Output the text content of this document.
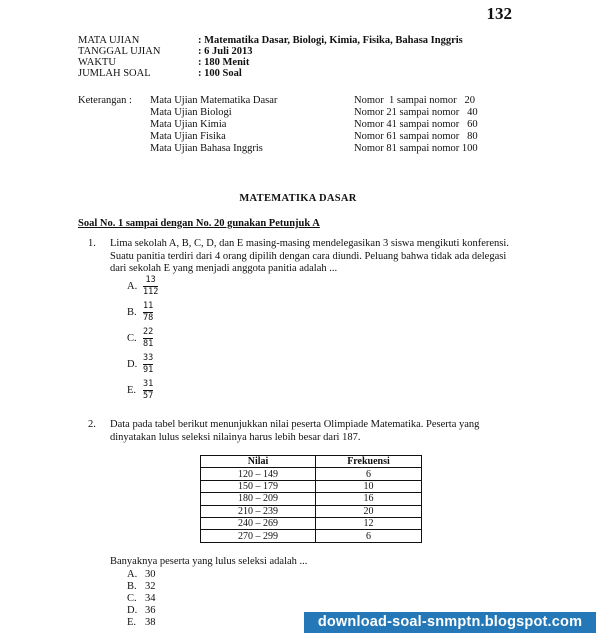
132
MATA UJIAN	: Matematika Dasar, Biologi, Kimia, Fisika, Bahasa Inggris
TANGGAL UJIAN	: 6 Juli 2013
WAKTU	: 180 Menit
JUMLAH SOAL	: 100 Soal
Keterangan : Mata Ujian Matematika Dasar	Nomor  1 sampai nomor   20
Mata Ujian Biologi	Nomor 21 sampai nomor   40
Mata Ujian Kimia	Nomor 41 sampai nomor   60
Mata Ujian Fisika	Nomor 61 sampai nomor   80
Mata Ujian Bahasa Inggris	Nomor 81 sampai nomor 100
MATEMATIKA DASAR
Soal No. 1 sampai dengan No. 20 gunakan Petunjuk A
1. Lima sekolah A, B, C, D, dan E masing-masing mendelegasikan 3 siswa mengikuti konferensi. Suatu panitia terdiri dari 4 orang dipilih dengan cara diundi. Peluang bahwa tidak ada delegasi dari sekolah E yang menjadi anggota panitia adalah ...
A.
13
112
B.
11
78
C.
22
81
D.
33
91
E.
31
57
2. Data pada tabel berikut menunjukkan nilai peserta Olimpiade Matematika. Peserta yang dinyatakan lulus seleksi nilainya harus lebih besar dari 187.
Nilai	Frekuensi
120 – 149	6
150 – 179	10
180 – 209	16
210 – 239	20
240 – 269	12
270 – 299	6
Banyaknya peserta yang lulus seleksi adalah ...
A. 30
B. 32
C. 34
D. 36
E. 38	download-soal-snmptn.blogspot.com
